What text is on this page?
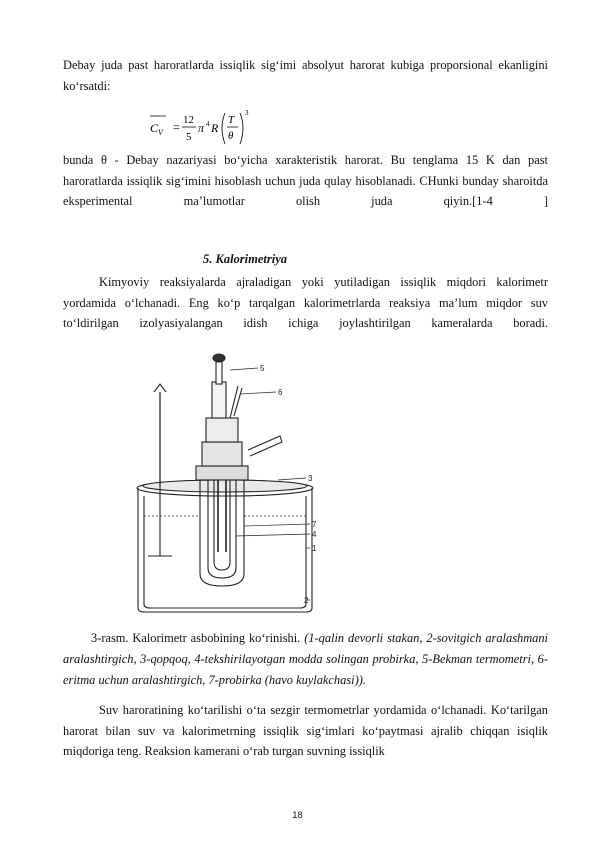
Debay juda past haroratlarda issiqlik sig‘imi absolyut harorat kubiga proporsional ekanligini ko‘rsatdi:
C V = 12
5
π 4 R
T
θ
3
bunda θ - Debay nazariyasi bo‘yicha xarakteristik harorat. Bu tenglama 15 K dan past haroratlarda issiqlik sig‘imini hisoblash uchun juda qulay hisoblanadi. CHunki bunday sharoitda eksperimental ma’lumotlar olish juda qiyin.[1-4 ]
5. Kalorimetriya
Kimyoviy reaksiyalarda ajraladigan yoki yutiladigan issiqlik miqdori kalorimetr yordamida o‘lchanadi. Eng ko‘p tarqalgan kalorimetrlarda reaksiya ma’lum miqdor suv to‘ldirilgan izolyasiyalangan idish ichiga joylashtirilgan kameralarda boradi.
5
6
3
7
4
1
2
3-rasm. Kalorimetr asbobining ko‘rinishi. (1-qalin devorli stakan, 2-sovitgich aralashmani aralashtirgich, 3-qopqoq, 4-tekshirilayotgan modda solingan probirka, 5-Bekman termometri, 6-eritma uchun aralashtirgich, 7-probirka (havo kuylakchasi)).
Suv haroratining ko‘tarilishi o‘ta sezgir termometrlar yordamida o‘lchanadi. Ko‘tarilgan harorat bilan suv va kalorimetrning issiqlik sig‘imlari ko‘paytmasi ajralib chiqqan isiqlik miqdoriga teng. Reaksion kamerani o‘rab turgan suvning issiqlik
18
